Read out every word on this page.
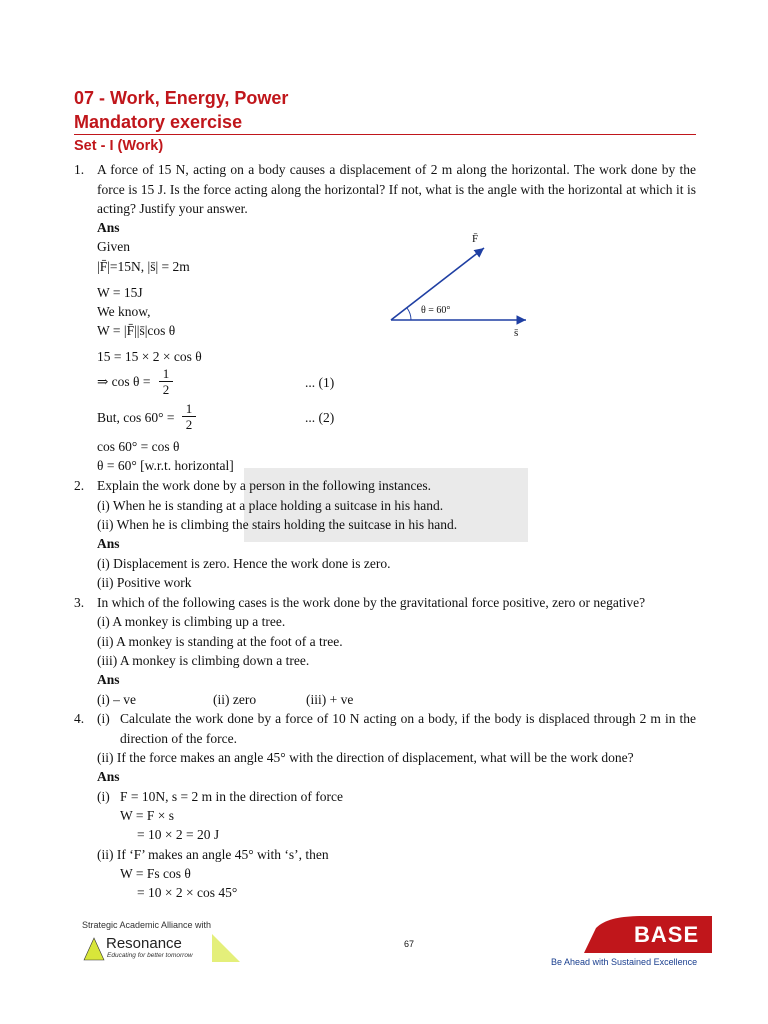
07 - Work, Energy, Power
Mandatory exercise
Set - I (Work)
1. A force of 15 N, acting on a body causes a displacement of 2 m along the horizontal. The work done by the force is 15 J. Is the force acting along the horizontal? If not, what is the angle with the horizontal at which it is acting? Justify your answer.
Ans
Given
|F̄|=15N, |s̄| = 2m
W = 15J
We know,
W = |F̄||s̄|cos θ
15 = 15 × 2 × cos θ
⇒ $\cos \theta = \frac{1}{2}$	... (1)
But, $\cos 60^\circ = \frac{1}{2}$	... (2)
cos 60° = cos θ
θ = 60° [w.r.t. horizontal]
F̄
s̄
θ = 60°
2. Explain the work done by a person in the following instances.
(i) When he is standing at a place holding a suitcase in his hand.
(ii) When he is climbing the stairs holding the suitcase in his hand.
Ans
(i) Displacement is zero. Hence the work done is zero.
(ii) Positive work
3. In which of the following cases is the work done by the gravitational force positive, zero or negative?
(i) A monkey is climbing up a tree.
(ii) A monkey is standing at the foot of a tree.
(iii) A monkey is climbing down a tree.
Ans
(i) – ve	(ii) zero	(iii) + ve
4. (i) Calculate the work done by a force of 10 N acting on a body, if the body is displaced through 2 m in the direction of the force.
(ii) If the force makes an angle 45° with the direction of displacement, what will be the work done?
Ans
(i) F = 10N, s = 2 m in the direction of force
W = F × s
= 10 × 2 = 20 J
(ii) If ‘F’ makes an angle 45° with ‘s’, then
W = Fs cos θ
= 10 × 2 × cos 45°
Strategic Academic Alliance with
Resonance
Educating for better tomorrow
67	BASE
Be Ahead with Sustained Excellence
